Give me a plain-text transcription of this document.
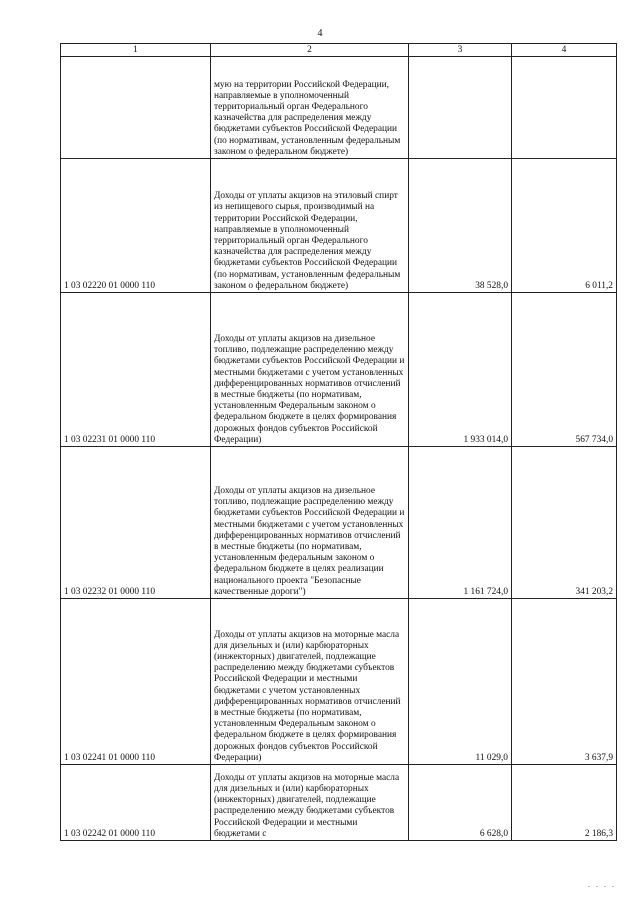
4
1	2	3	4
	мую на территории Российской Федерации, направляемые в уполномоченный территориальный орган Федерального казначейства для распределения между бюджетами субъектов Российской Федерации (по нормативам, установленным федеральным законом о федеральном бюджете)		
1 03 02220 01 0000 110	Доходы от уплаты акцизов на этиловый спирт из непищевого сырья, производимый на территории Российской Федерации, направляемые в уполномоченный территориальный орган Федерального казначейства для распределения между бюджетами субъектов Российской Федерации (по нормативам, установленным федеральным законом о федеральном бюджете)	38 528,0	6 011,2
1 03 02231 01 0000 110	Доходы от уплаты акцизов на дизельное топливо, подлежащие распределению между бюджетами субъектов Российской Федерации и местными бюджетами с учетом установленных дифференцированных нормативов отчислений в местные бюджеты (по нормативам, установленным Федеральным законом о федеральном бюджете в целях формирования дорожных фондов субъектов Российской Федерации)	1 933 014,0	567 734,0
1 03 02232 01 0000 110	Доходы от уплаты акцизов на дизельное топливо, подлежащие распределению между бюджетами субъектов Российской Федерации и местными бюджетами с учетом установленных дифференцированных нормативов отчислений в местные бюджеты (по нормативам, установленным федеральным законом о федеральном бюджете в целях реализации национального проекта "Безопасные качественные дороги")	1 161 724,0	341 203,2
1 03 02241 01 0000 110	Доходы от уплаты акцизов на моторные масла для дизельных и (или) карбюраторных (инжекторных) двигателей, подлежащие распределению между бюджетами субъектов Российской Федерации и местными бюджетами с учетом установленных дифференцированных нормативов отчислений в местные бюджеты (по нормативам, установленным Федеральным законом о федеральном бюджете в целях формирования дорожных фондов субъектов Российской Федерации)	11 029,0	3 637,9
1 03 02242 01 0000 110	Доходы от уплаты акцизов на моторные масла для дизельных и (или) карбюраторных (инжекторных) двигателей, подлежащие распределению между бюджетами субъектов Российской Федерации и местными бюджетами с	6 628,0	2 186,3
. . . .
